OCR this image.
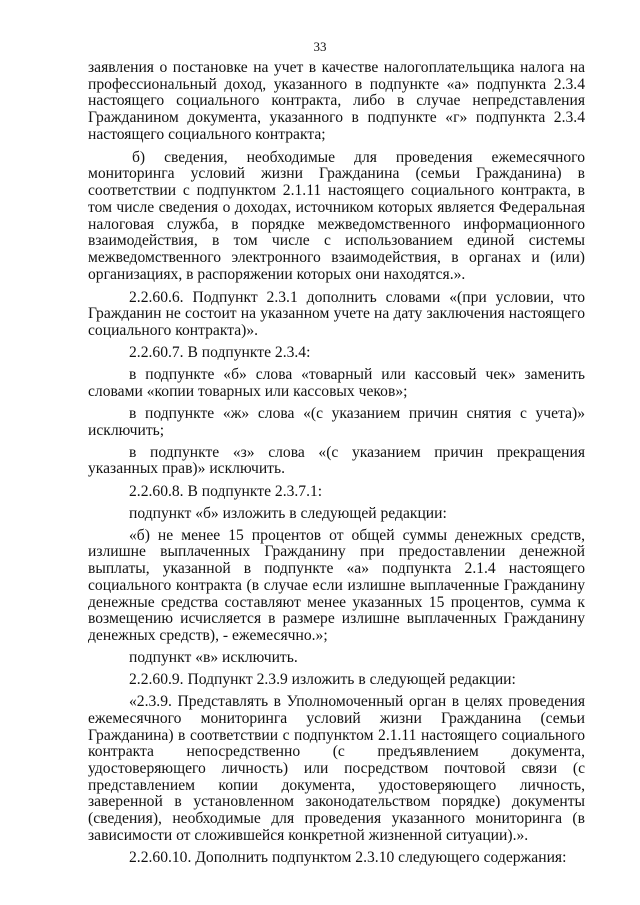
33

заявления о постановке на учет в качестве налогоплательщика налога на профессиональный доход, указанного в подпункте «а» подпункта 2.3.4 настоящего социального контракта, либо в случае непредставления Гражданином документа, указанного в подпункте «г» подпункта 2.3.4 настоящего социального контракта;

б) сведения, необходимые для проведения ежемесячного мониторинга условий жизни Гражданина (семьи Гражданина) в соответствии с подпунктом 2.1.11 настоящего социального контракта, в том числе сведения о доходах, источником которых является Федеральная налоговая служба, в порядке межведомственного информационного взаимодействия, в том числе с использованием единой системы межведомственного электронного взаимодействия, в органах и (или) организациях, в распоряжении которых они находятся.».

2.2.60.6. Подпункт 2.3.1 дополнить словами «(при условии, что Гражданин не состоит на указанном учете на дату заключения настоящего социального контракта)».

2.2.60.7. В подпункте 2.3.4:

в подпункте «б» слова «товарный или кассовый чек» заменить словами «копии товарных или кассовых чеков»;

в подпункте «ж» слова «(с указанием причин снятия с учета)» исключить;

в подпункте «з» слова «(с указанием причин прекращения указанных прав)» исключить.

2.2.60.8. В подпункте 2.3.7.1:

подпункт «б» изложить в следующей редакции:

«б) не менее 15 процентов от общей суммы денежных средств, излишне выплаченных Гражданину при предоставлении денежной выплаты, указанной в подпункте «а» подпункта 2.1.4 настоящего социального контракта (в случае если излишне выплаченные Гражданину денежные средства составляют менее указанных 15 процентов, сумма к возмещению исчисляется в размере излишне выплаченных Гражданину денежных средств), - ежемесячно.»;

подпункт «в» исключить.

2.2.60.9. Подпункт 2.3.9 изложить в следующей редакции:

«2.3.9. Представлять в Уполномоченный орган в целях проведения ежемесячного мониторинга условий жизни Гражданина (семьи Гражданина) в соответствии с подпунктом 2.1.11 настоящего социального контракта непосредственно (с предъявлением документа, удостоверяющего личность) или посредством почтовой связи (с представлением копии документа, удостоверяющего личность, заверенной в установленном законодательством порядке) документы (сведения), необходимые для проведения указанного мониторинга (в зависимости от сложившейся конкретной жизненной ситуации).».

2.2.60.10. Дополнить подпунктом 2.3.10 следующего содержания:
